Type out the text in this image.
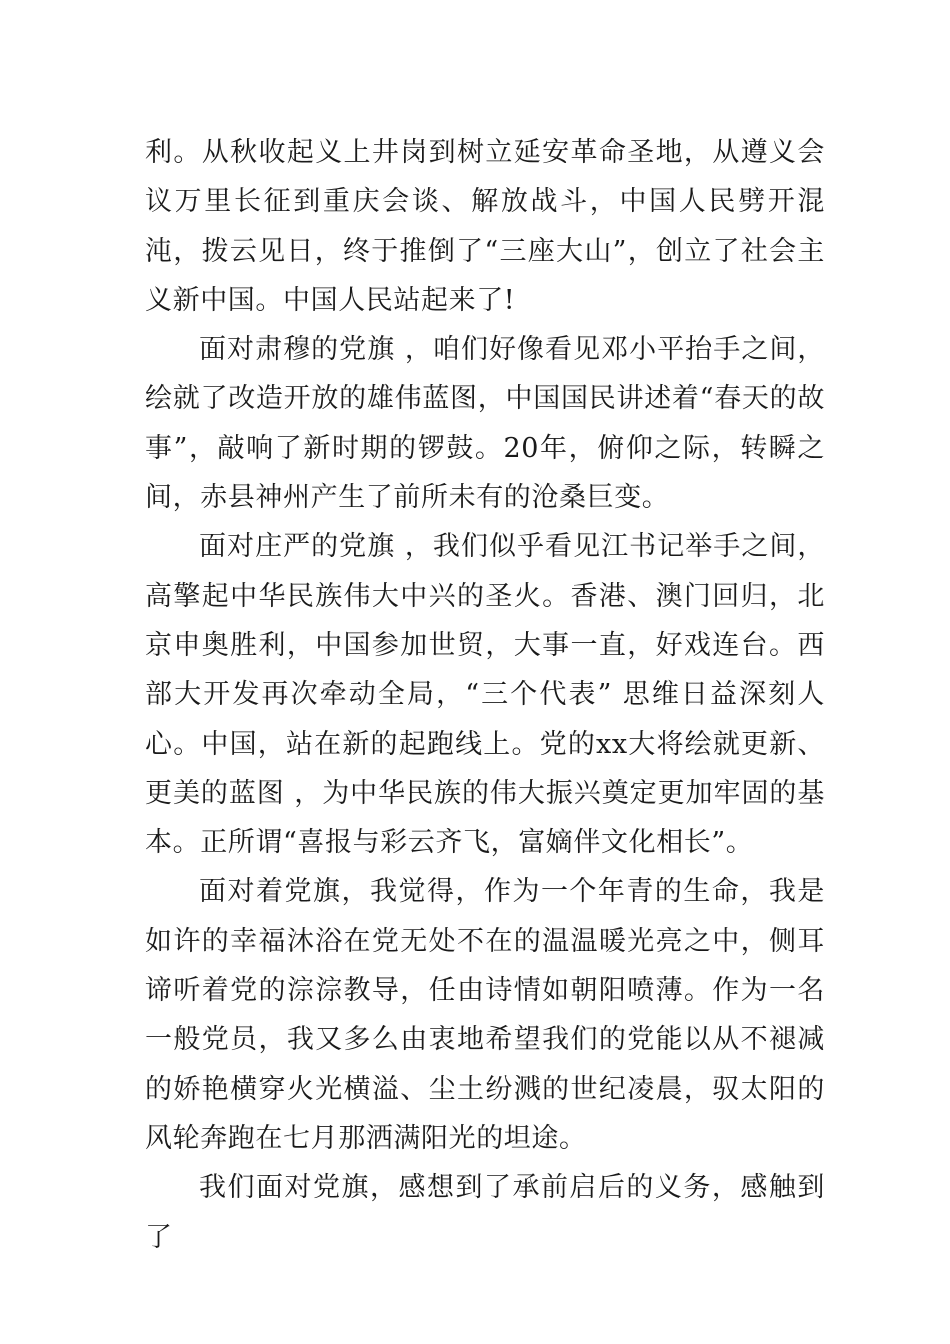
利。从秋收起义上井岗到树立延安革命圣地，从遵义会议万里长征到重庆会谈、解放战斗，中国人民劈开混沌，拨云见日，终于推倒了“三座大山”，创立了社会主义新中国。中国人民站起来了!

面对肃穆的党旗 ，咱们好像看见邓小平抬手之间，绘就了改造开放的雄伟蓝图，中国国民讲述着“春天的故事”，敲响了新时期的锣鼓。20年，俯仰之际，转瞬之间，赤县神州产生了前所未有的沧桑巨变。

面对庄严的党旗 ，我们似乎看见江书记举手之间，高擎起中华民族伟大中兴的圣火。香港、澳门回归，北京申奥胜利，中国参加世贸，大事一直，好戏连台。西部大开发再次牵动全局，“三个代表” 思维日益深刻人心。中国，站在新的起跑线上。党的xx大将绘就更新、更美的蓝图 ，为中华民族的伟大振兴奠定更加牢固的基本。正所谓“喜报与彩云齐飞，富嫡伴文化相长”。

面对着党旗，我觉得，作为一个年青的生命，我是如许的幸福沐浴在党无处不在的温温暖光亮之中，侧耳谛听着党的淙淙教导，任由诗情如朝阳喷薄。作为一名一般党员，我又多么由衷地希望我们的党能以从不褪减的娇艳横穿火光横溢、尘土纷溅的世纪凌晨，驭太阳的风轮奔跑在七月那洒满阳光的坦途。

我们面对党旗，感想到了承前启后的义务，感触到了
